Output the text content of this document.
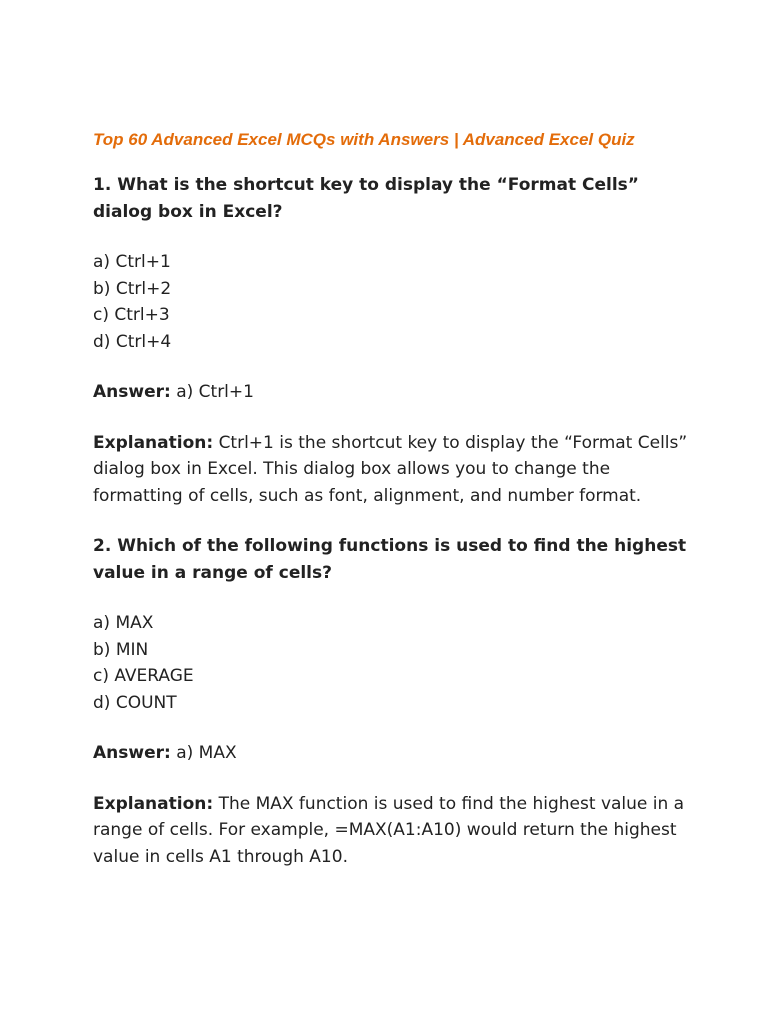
Top 60 Advanced Excel MCQs with Answers | Advanced Excel Quiz
1. What is the shortcut key to display the “Format Cells” dialog box in Excel?
a) Ctrl+1
b) Ctrl+2
c) Ctrl+3
d) Ctrl+4
Answer: a) Ctrl+1
Explanation: Ctrl+1 is the shortcut key to display the “Format Cells” dialog box in Excel. This dialog box allows you to change the formatting of cells, such as font, alignment, and number format.
2. Which of the following functions is used to find the highest value in a range of cells?
a) MAX
b) MIN
c) AVERAGE
d) COUNT
Answer: a) MAX
Explanation: The MAX function is used to find the highest value in a range of cells. For example, =MAX(A1:A10) would return the highest value in cells A1 through A10.
